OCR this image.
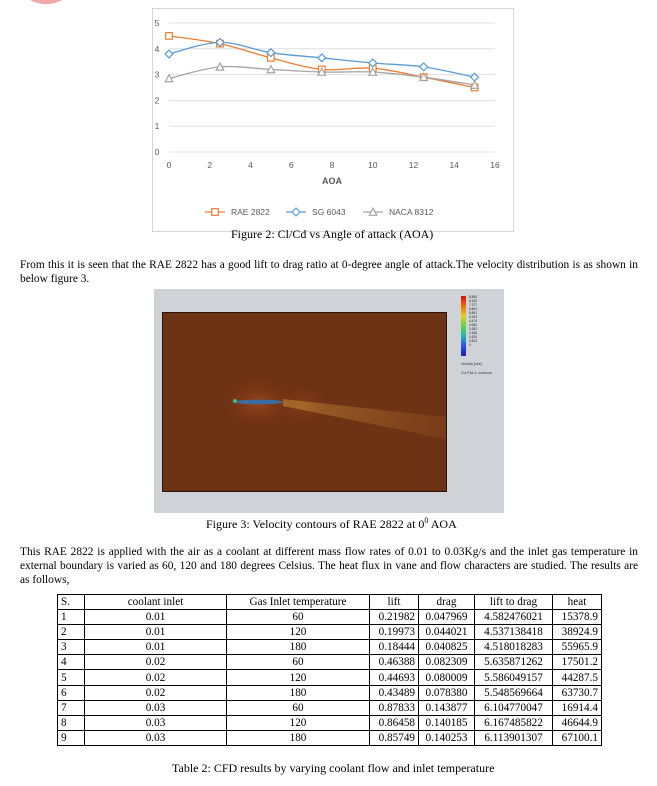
0
1
2
3
4
5
0	2	4	6	8	10	12	14	16
AOA
RAE 2822	SG 6043	NACA 8312
Figure 2: Cl/Cd vs Angle of attack (AOA)
From this it is seen that the RAE 2822 has a good lift to drag ratio at 0-degree angle of attack.The velocity distribution is as shown in below figure 3.
8.840
8.130
7.377
6.604
5.891
5.153
4.476
4.080
3.262
2.436
1.626
0.813
0
Velocity [m/s]
Cut Plot 1: contours
Figure 3: Velocity contours of RAE 2822 at $0^0$ AOA
This RAE 2822 is applied with the air as a coolant at different mass flow rates of 0.01 to 0.03Kg/s and the inlet gas temperature in external boundary is varied as 60, 120 and 180 degrees Celsius. The heat flux in vane and flow characters are studied. The results are as follows,
S.	coolant inlet	Gas Inlet temperature	lift	drag	lift to drag	heat
1	0.01	60	0.21982	0.047969	4.582476021	15378.9
2	0.01	120	0.19973	0.044021	4.537138418	38924.9
3	0.01	180	0.18444	0.040825	4.518018283	55965.9
4	0.02	60	0.46388	0.082309	5.635871262	17501.2
5	0.02	120	0.44693	0.080009	5.586049157	44287.5
6	0.02	180	0.43489	0.078380	5.548569664	63730.7
7	0.03	60	0.87833	0.143877	6.104770047	16914.4
8	0.03	120	0.86458	0.140185	6.167485822	46644.9
9	0.03	180	0.85749	0.140253	6.113901307	67100.1
Table 2: CFD results by varying coolant flow and inlet temperature
